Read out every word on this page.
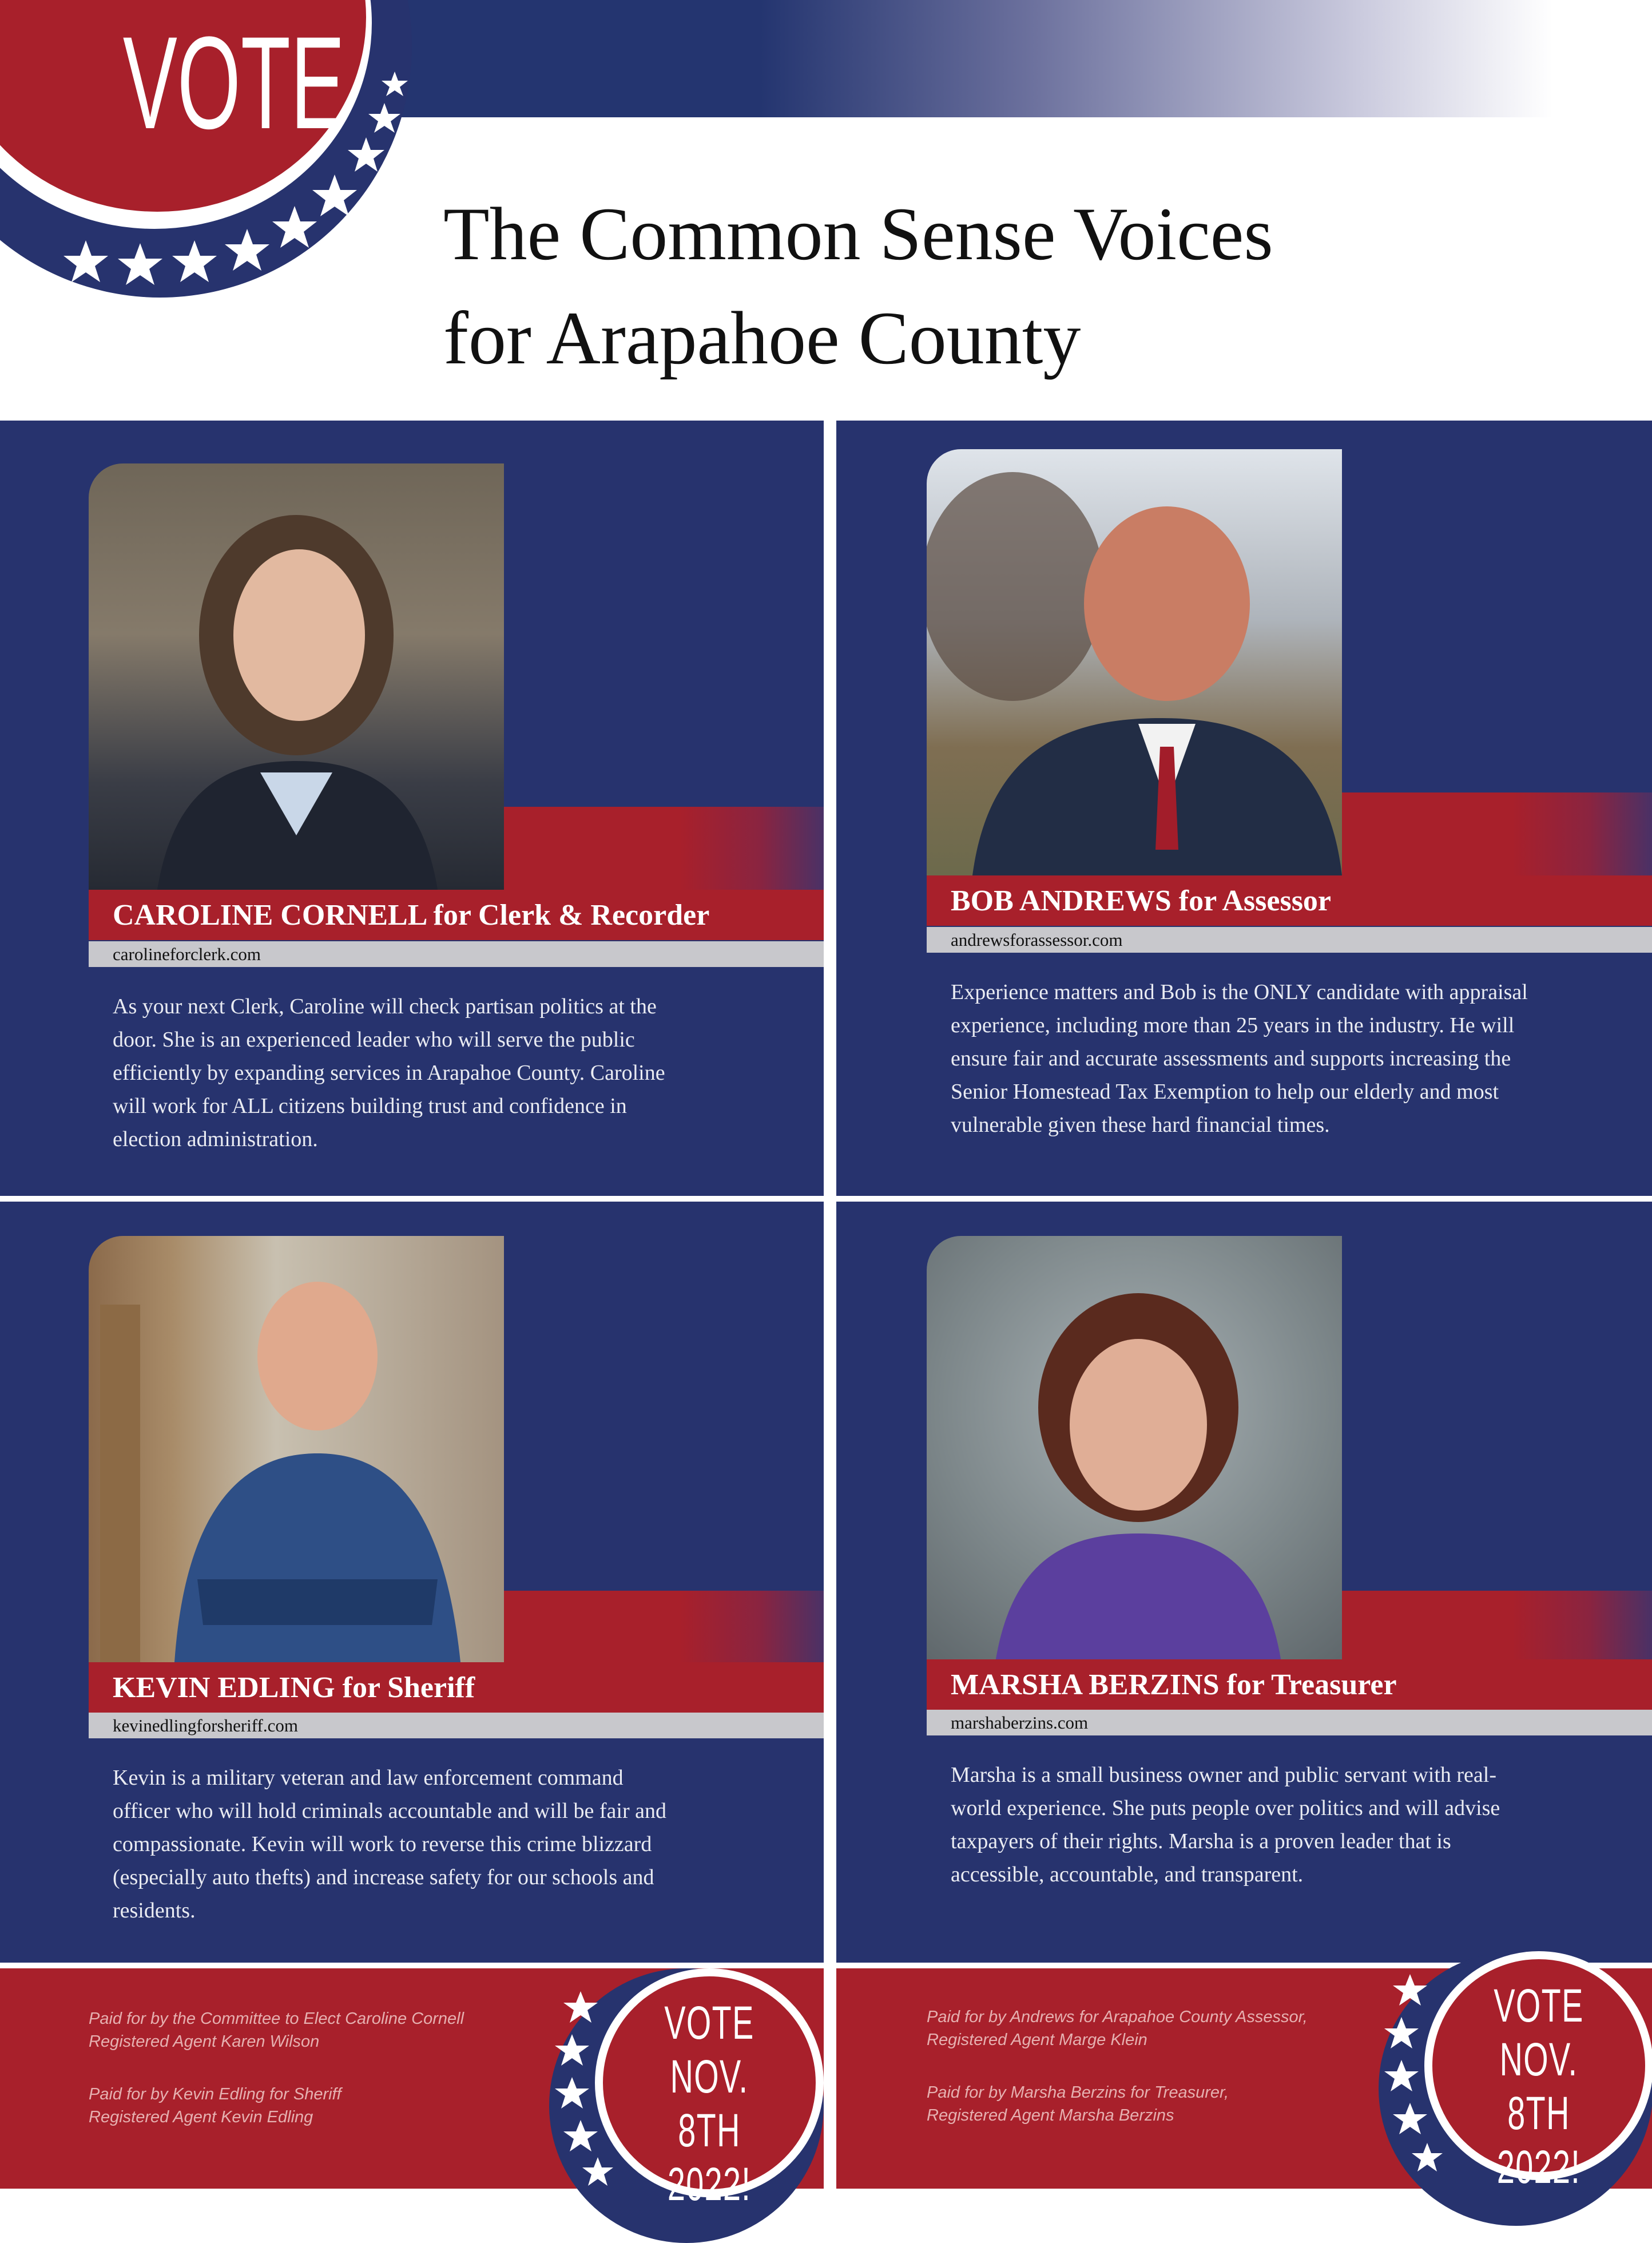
VOTE
The Common Sense Voices
for Arapahoe County
CAROLINE CORNELL for Clerk & Recorder
carolineforclerk.com
As your next Clerk, Caroline will check partisan politics at the door. She is an experienced leader who will serve the public efficiently by expanding services in Arapahoe County. Caroline will work for ALL citizens building trust and confidence in election administration.
BOB ANDREWS for Assessor
andrewsforassessor.com
Experience matters and Bob is the ONLY candidate with appraisal experience, including more than 25 years in the industry. He will ensure fair and accurate assessments and supports increasing the Senior Homestead Tax Exemption to help our elderly and most vulnerable given these hard financial times.
KEVIN EDLING for Sheriff
kevinedlingforsheriff.com
Kevin is a military veteran and law enforcement command officer who will hold criminals accountable and will be fair and compassionate. Kevin will work to reverse this crime blizzard (especially auto thefts) and increase safety for our schools and residents.
MARSHA BERZINS for Treasurer
marshaberzins.com
Marsha is a small business owner and public servant with real-world experience. She puts people over politics and will advise taxpayers of their rights. Marsha is a proven leader that is accessible, accountable, and transparent.
Paid for by the Committee to Elect Caroline Cornell
Registered Agent Karen Wilson
Paid for by Kevin Edling for Sheriff
Registered Agent Kevin Edling
Paid for by Andrews for Arapahoe County Assessor,
Registered Agent Marge Klein
Paid for by Marsha Berzins for Treasurer,
Registered Agent Marsha Berzins
VOTE
NOV. 8TH
2022!
VOTE
NOV. 8TH
2022!
